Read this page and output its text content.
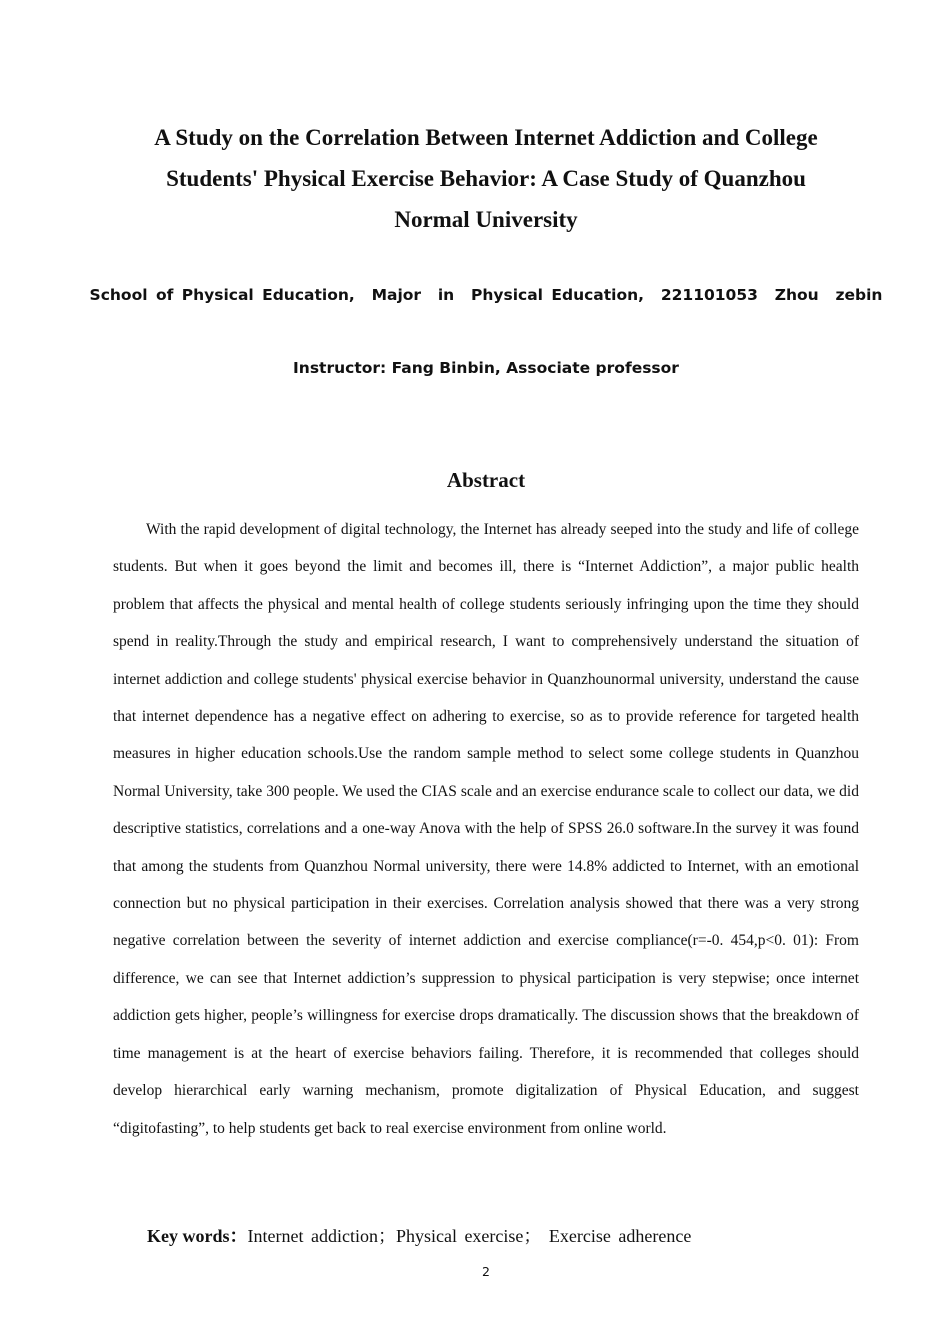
A Study on the Correlation Between Internet Addiction and College
Students' Physical Exercise Behavior: A Case Study of Quanzhou
Normal University
School of Physical Education,  Major  in  Physical Education,  221101053  Zhou  zebin
Instructor: Fang Binbin, Associate professor
Abstract

With the rapid development of digital technology, the Internet has already seeped into the study and life of college students. But when it goes beyond the limit and becomes ill, there is “Internet Addiction”, a major public health problem that affects the physical and mental health of college students seriously infringing upon the time they should spend in reality.Through the study and empirical research, I want to comprehensively understand the situation of internet addiction and college students' physical exercise behavior in Quanzhounormal university, understand the cause that internet dependence has a negative effect on adhering to exercise, so as to provide reference for targeted health measures in higher education schools.Use the random sample method to select some college students in Quanzhou Normal University, take 300 people. We used the CIAS scale and an exercise endurance scale to collect our data, we did descriptive statistics, correlations and a one-way Anova with the help of SPSS 26.0 software.In the survey it was found that among the students from Quanzhou Normal university, there were 14.8% addicted to Internet, with an emotional connection but no physical participation in their exercises. Correlation analysis showed that there was a very strong negative correlation between the severity of internet addiction and exercise compliance(r=-0. 454,p<0. 01): From difference, we can see that Internet addiction’s suppression to physical participation is very stepwise; once internet addiction gets higher, people’s willingness for exercise drops dramatically. The discussion shows that the breakdown of time management is at the heart of exercise behaviors failing. Therefore, it is recommended that colleges should develop hierarchical early warning mechanism, promote digitalization of Physical Education, and suggest “digitofasting”, to help students get back to real exercise environment from online world.

Key words：Internet addiction；Physical exercise； Exercise adherence
2
